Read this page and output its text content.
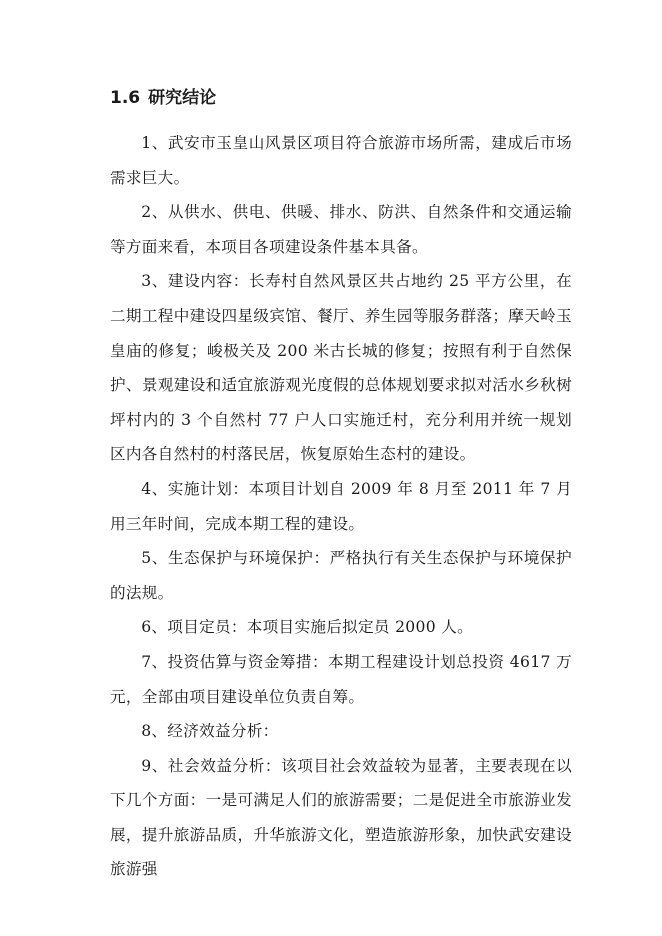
1.6 研究结论

1、武安市玉皇山风景区项目符合旅游市场所需，建成后市场需求巨大。

2、从供水、供电、供暖、排水、防洪、自然条件和交通运输等方面来看，本项目各项建设条件基本具备。

3、建设内容：长寿村自然风景区共占地约 25 平方公里，在二期工程中建设四星级宾馆、餐厅、养生园等服务群落；摩天岭玉皇庙的修复；峻极关及 200 米古长城的修复；按照有利于自然保护、景观建设和适宜旅游观光度假的总体规划要求拟对活水乡秋树坪村内的 3 个自然村 77 户人口实施迁村，充分利用并统一规划区内各自然村的村落民居，恢复原始生态村的建设。

4、实施计划：本项目计划自 2009 年 8 月至 2011 年 7 月用三年时间，完成本期工程的建设。

5、生态保护与环境保护：严格执行有关生态保护与环境保护的法规。

6、项目定员：本项目实施后拟定员 2000 人。

7、投资估算与资金筹措：本期工程建设计划总投资 4617 万元，全部由项目建设单位负责自筹。

8、经济效益分析：

9、社会效益分析：该项目社会效益较为显著，主要表现在以下几个方面：一是可满足人们的旅游需要；二是促进全市旅游业发展，提升旅游品质，升华旅游文化，塑造旅游形象，加快武安建设旅游强
